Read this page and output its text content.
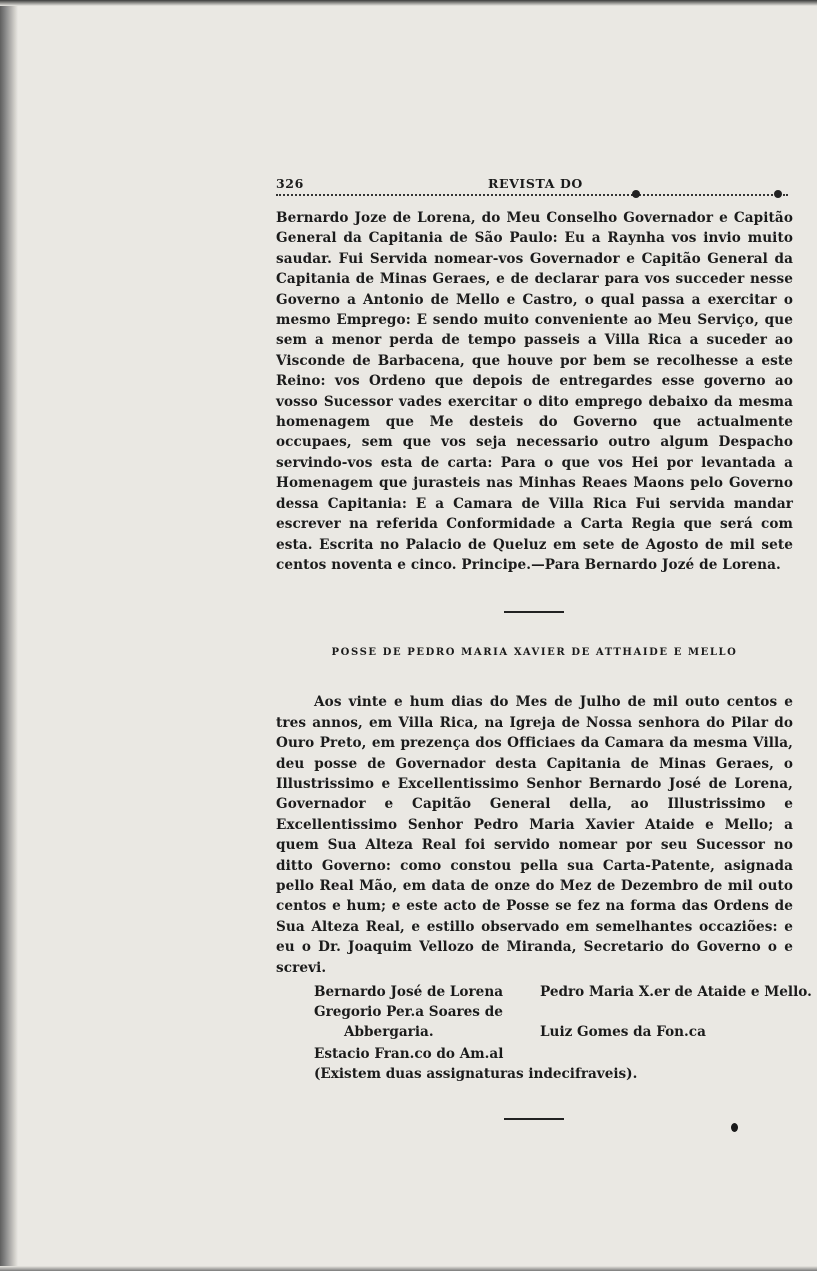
326	REVISTA DO

Bernardo Joze de Lorena, do Meu Conselho Governador e Capitão General da Capitania de São Paulo: Eu a Raynha vos invio muito saudar. Fui Servida nomear-vos Governador e Capitão General da Capitania de Minas Geraes, e de declarar para vos succeder nesse Governo a Antonio de Mello e Castro, o qual passa a exercitar o mesmo Emprego: E sendo muito conveniente ao Meu Serviço, que sem a menor perda de tempo passeis a Villa Rica a suceder ao Visconde de Barbacena, que houve por bem se recolhesse a este Reino: vos Ordeno que depois de entregardes esse governo ao vosso Sucessor vades exercitar o dito emprego debaixo da mesma homenagem que Me desteis do Governo que actualmente occupaes, sem que vos seja necessario outro algum Despacho servindo-vos esta de carta: Para o que vos Hei por levantada a Homenagem que jurasteis nas Minhas Reaes Maons pelo Governo dessa Capitania: E a Camara de Villa Rica Fui servida mandar escrever na referida Conformidade a Carta Regia que será com esta. Escrita no Palacio de Queluz em sete de Agosto de mil sete centos noventa e cinco. Principe.—Para Bernardo Jozé de Lorena.

POSSE DE PEDRO MARIA XAVIER DE ATTHAIDE E MELLO

Aos vinte e hum dias do Mes de Julho de mil outo centos e tres annos, em Villa Rica, na Igreja de Nossa senhora do Pilar do Ouro Preto, em prezença dos Officiaes da Camara da mesma Villa, deu posse de Governador desta Capitania de Minas Geraes, o Illustrissimo e Excellentissimo Senhor Bernardo José de Lorena, Governador e Capitão General della, ao Illustrissimo e Excellentissimo Senhor Pedro Maria Xavier Ataide e Mello; a quem Sua Alteza Real foi servido nomear por seu Sucessor no ditto Governo: como constou pella sua Carta-Patente, asignada pello Real Mão, em data de onze do Mez de Dezembro de mil outo centos e hum; e este acto de Posse se fez na forma das Ordens de Sua Alteza Real, e estillo observado em semelhantes occaziões: e eu o Dr. Joaquim Vellozo de Miranda, Secretario do Governo o e screvi.

Bernardo José de Lorena	Pedro Maria X.er de Ataide e Mello.
Gregorio Per.a Soares de
Abbergaria.	Luiz Gomes da Fon.ca
Estacio Fran.co do Am.al
(Existem duas assignaturas indecifraveis).
